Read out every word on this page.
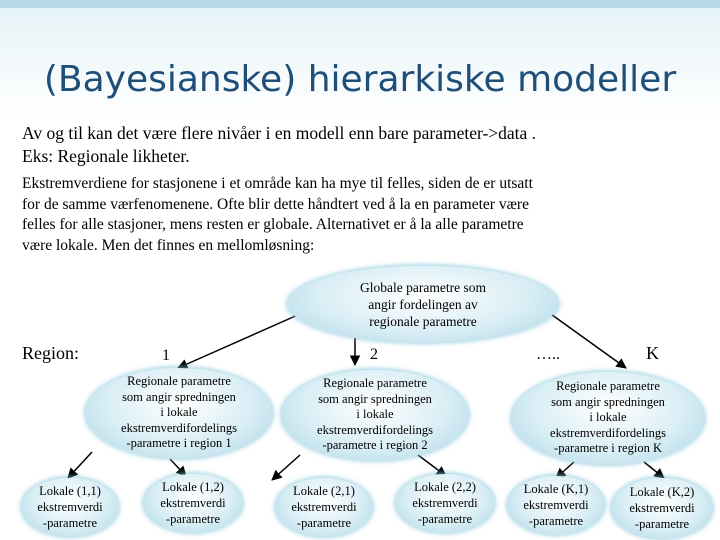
(Bayesianske) hierarkiske modeller
Av og til kan det være flere nivåer i en modell enn bare parameter->data .
Eks: Regionale likheter.
Ekstremverdiene for stasjonene i et område kan ha mye til felles, siden de er utsatt
for de samme værfenomenene. Ofte blir dette håndtert ved å la en parameter være
felles for alle stasjoner, mens resten er globale. Alternativet er å la alle parametre
være lokale. Men det finnes en mellomløsning:
Globale parametre som
angir fordelingen av
regionale parametre
Region:	1	2	…..	K
Regionale parametre
som angir spredningen
i lokale
ekstremverdifordelings
-parametre i region 1
Regionale parametre
som angir spredningen
i lokale
ekstremverdifordelings
-parametre i region 2
Regionale parametre
som angir spredningen
i lokale
ekstremverdifordelings
-parametre i region K
Lokale (1,1)
ekstremverdi
-parametre
Lokale (1,2)
ekstremverdi
-parametre
Lokale (2,1)
ekstremverdi
-parametre
Lokale (2,2)
ekstremverdi
-parametre
Lokale (K,1)
ekstremverdi
-parametre
Lokale (K,2)
ekstremverdi
-parametre
